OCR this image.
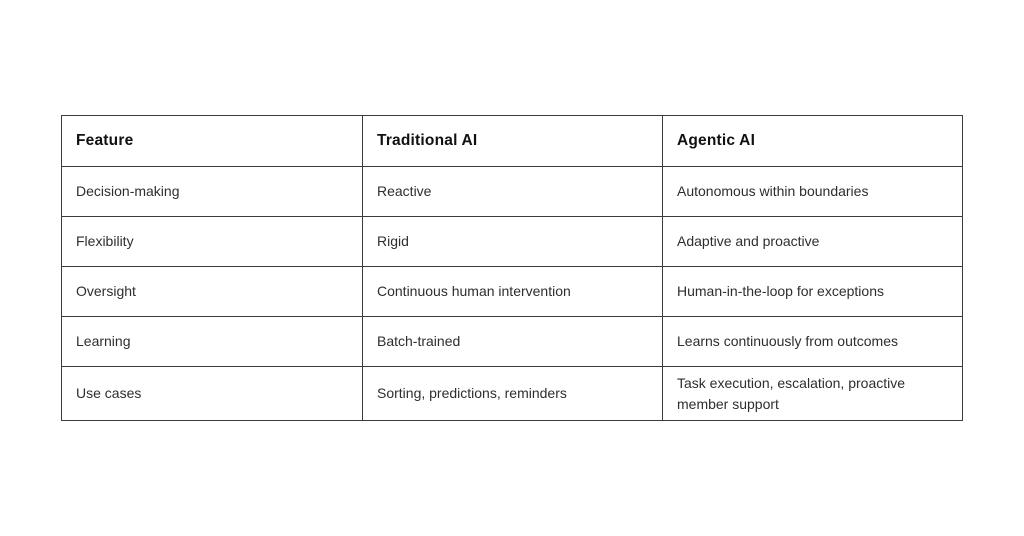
Feature	Traditional AI	Agentic AI
Decision-making	Reactive	Autonomous within boundaries
Flexibility	Rigid	Adaptive and proactive
Oversight	Continuous human intervention	Human-in-the-loop for exceptions
Learning	Batch-trained	Learns continuously from outcomes
Use cases	Sorting, predictions, reminders	Task execution, escalation, proactive member support
